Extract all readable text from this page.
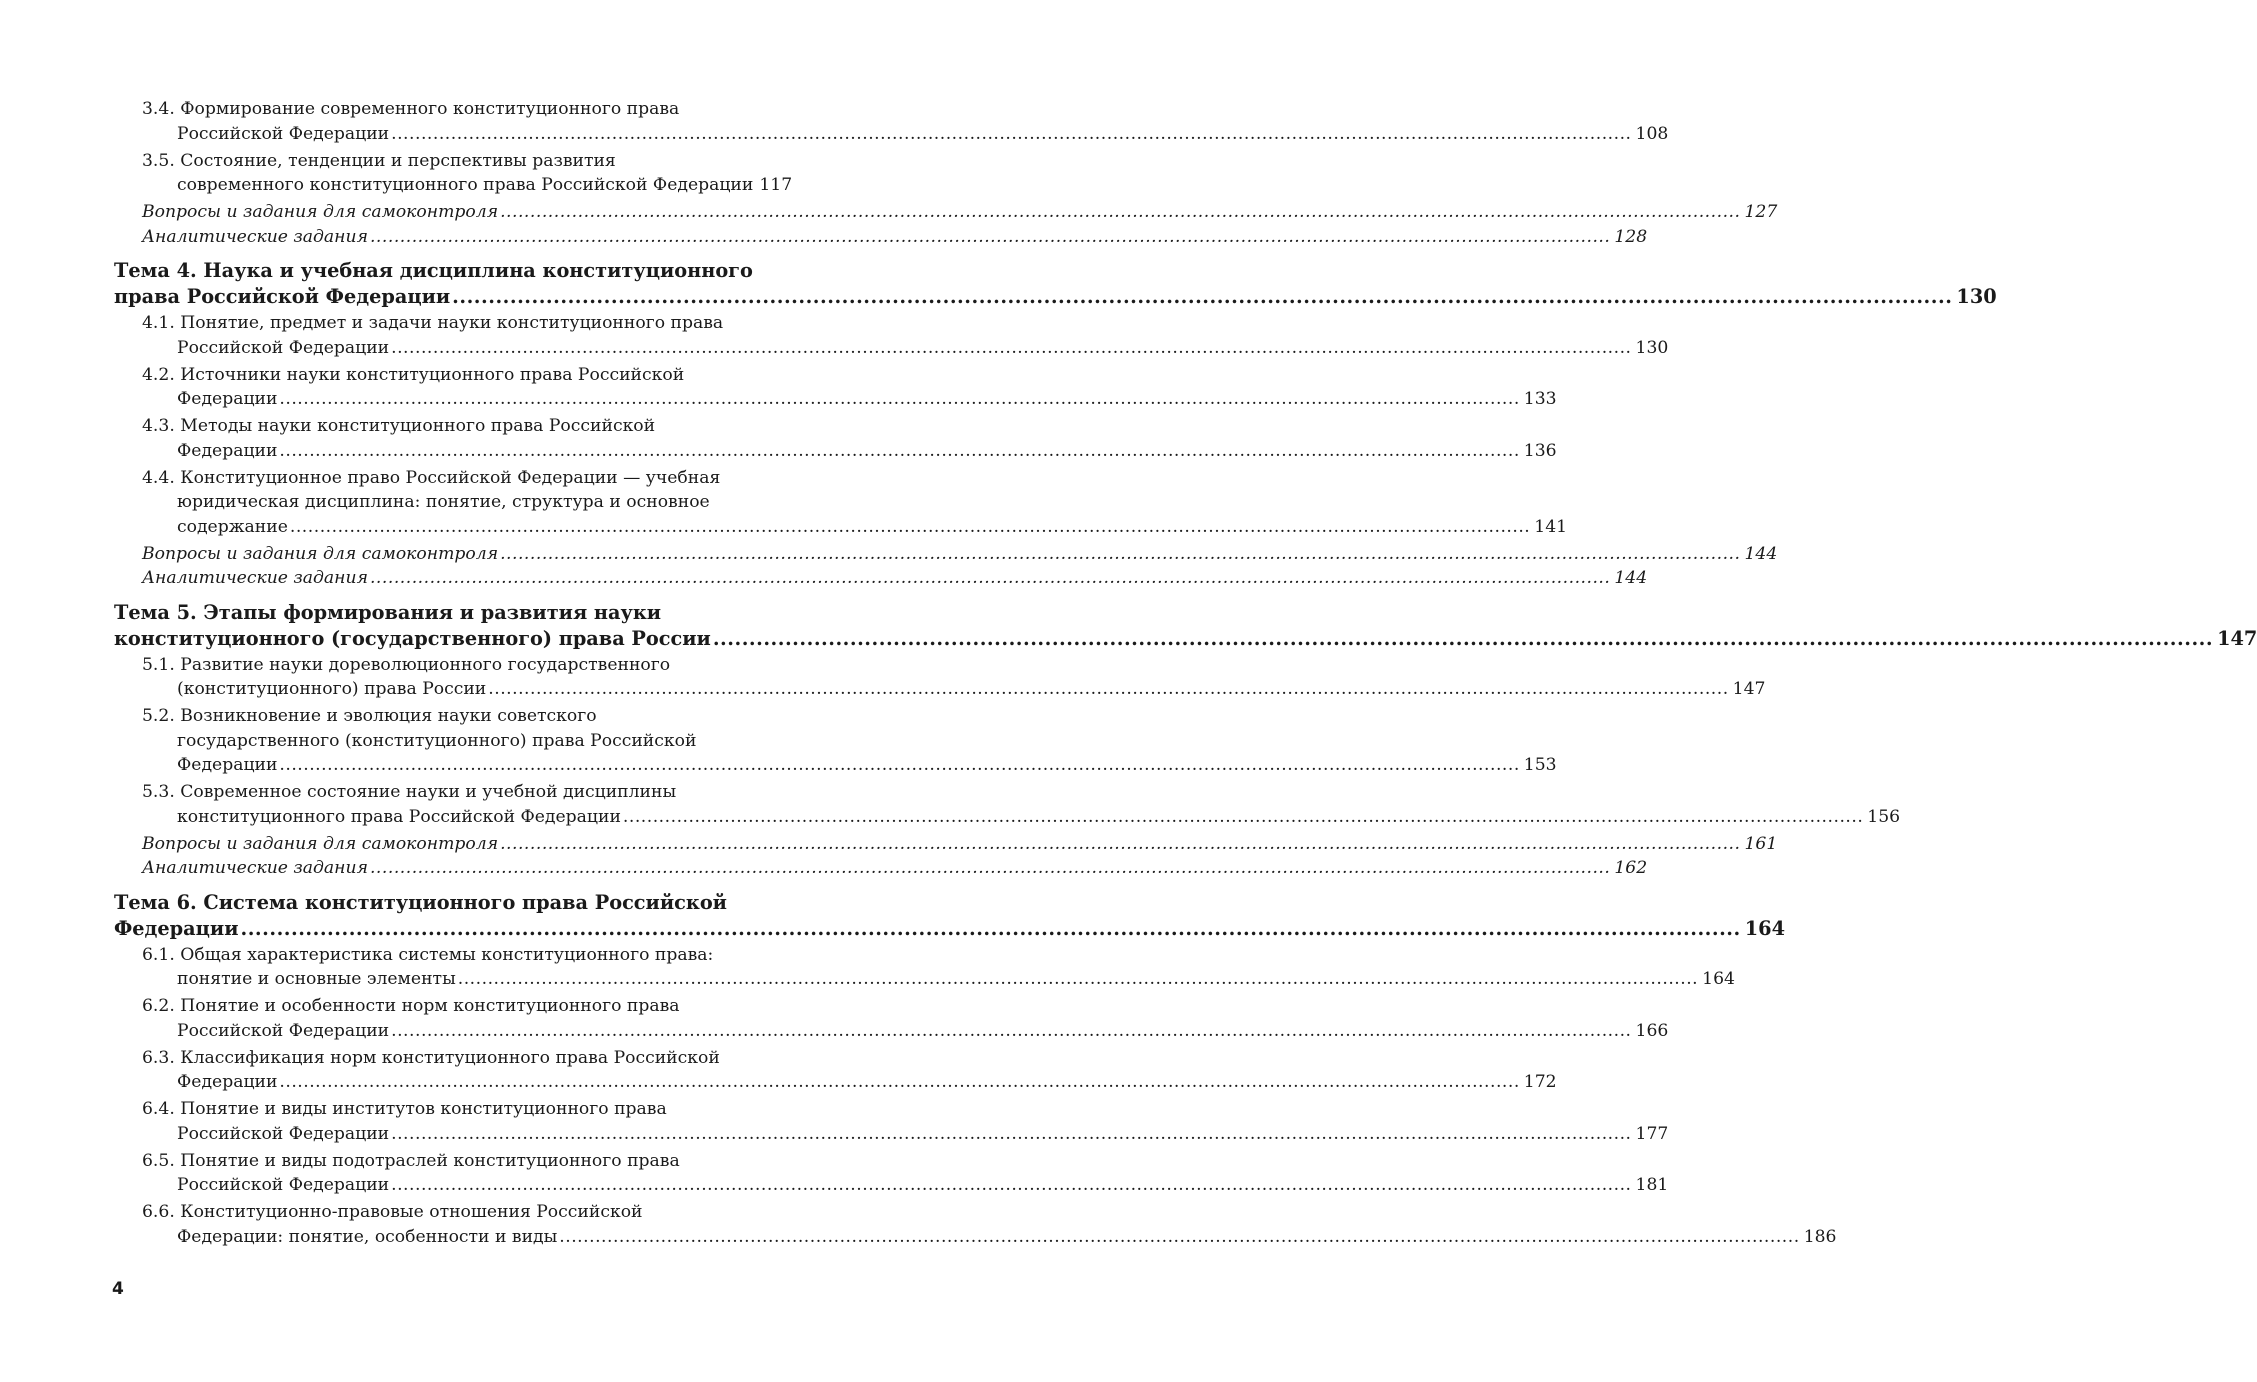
3.4. Формирование современного конституционного права
Российской Федерации .....	108
3.5. Состояние, тенденции и перспективы развития
современного конституционного права Российской Федерации ..... 117
Вопросы и задания для самоконтроля .....	127
Аналитические задания .....	128
Тема 4. Наука и учебная дисциплина конституционного
права Российской Федерации .....	130
4.1. Понятие, предмет и задачи науки конституционного права
Российской Федерации .....	130
4.2. Источники науки конституционного права Российской
Федерации .....	133
4.3. Методы науки конституционного права Российской
Федерации .....	136
4.4. Конституционное право Российской Федерации — учебная
юридическая дисциплина: понятие, структура и основное
содержание .....	141
Вопросы и задания для самоконтроля .....	144
Аналитические задания .....	144
Тема 5. Этапы формирования и развития науки
конституционного (государственного) права России .....	147
5.1. Развитие науки дореволюционного государственного
(конституционного) права России .....	147
5.2. Возникновение и эволюция науки советского
государственного (конституционного) права Российской
Федерации .....	153
5.3. Современное состояние науки и учебной дисциплины
конституционного права Российской Федерации .....	156
Вопросы и задания для самоконтроля .....	161
Аналитические задания .....	162
Тема 6. Система конституционного права Российской
Федерации .....	164
6.1. Общая характеристика системы конституционного права:
понятие и основные элементы .....	164
6.2. Понятие и особенности норм конституционного права
Российской Федерации .....	166
6.3. Классификация норм конституционного права Российской
Федерации .....	172
6.4. Понятие и виды институтов конституционного права
Российской Федерации .....	177
6.5. Понятие и виды подотраслей конституционного права
Российской Федерации .....	181
6.6. Конституционно-правовые отношения Российской
Федерации: понятие, особенности и виды .....	186
4
